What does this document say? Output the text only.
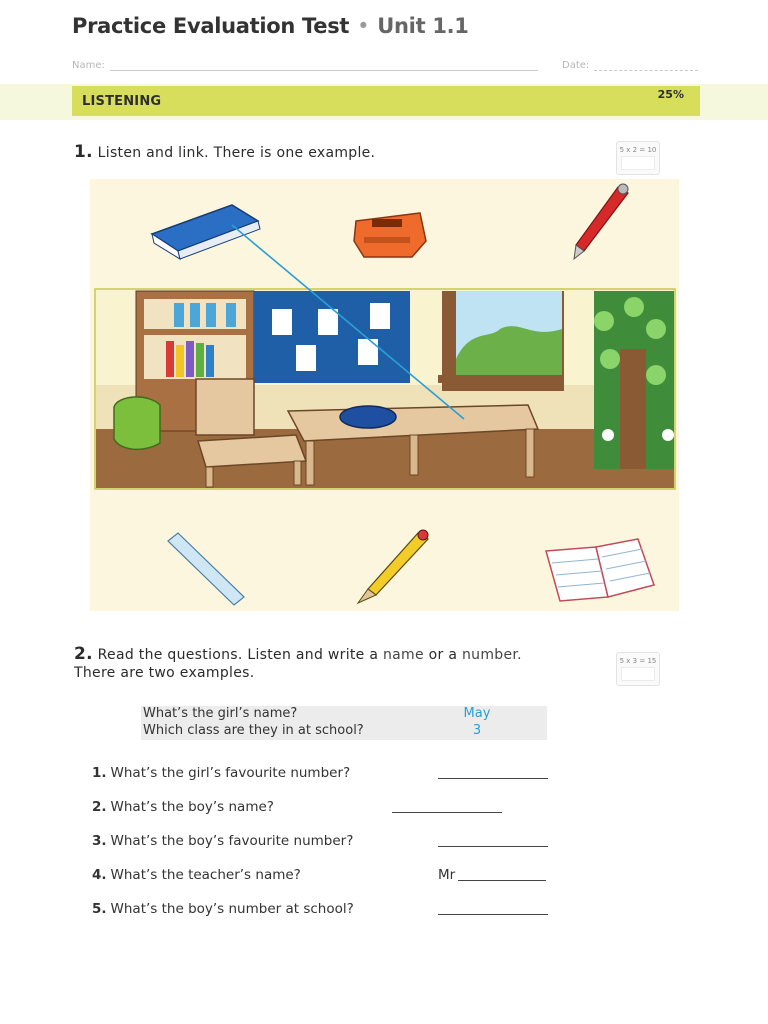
Practice Evaluation Test • Unit 1.1
Name:	Date:
LISTENING	25%
1. Listen and link. There is one example.	5 x 2 = 10
2. Read the questions. Listen and write a name or a number.
There are two examples.
5 x 3 = 15
What’s the girl’s name?	May
Which class are they in at school?	3
1. What’s the girl’s favourite number?
2. What’s the boy’s name?
3. What’s the boy’s favourite number?
4. What’s the teacher’s name?	Mr
5. What’s the boy’s number at school?
